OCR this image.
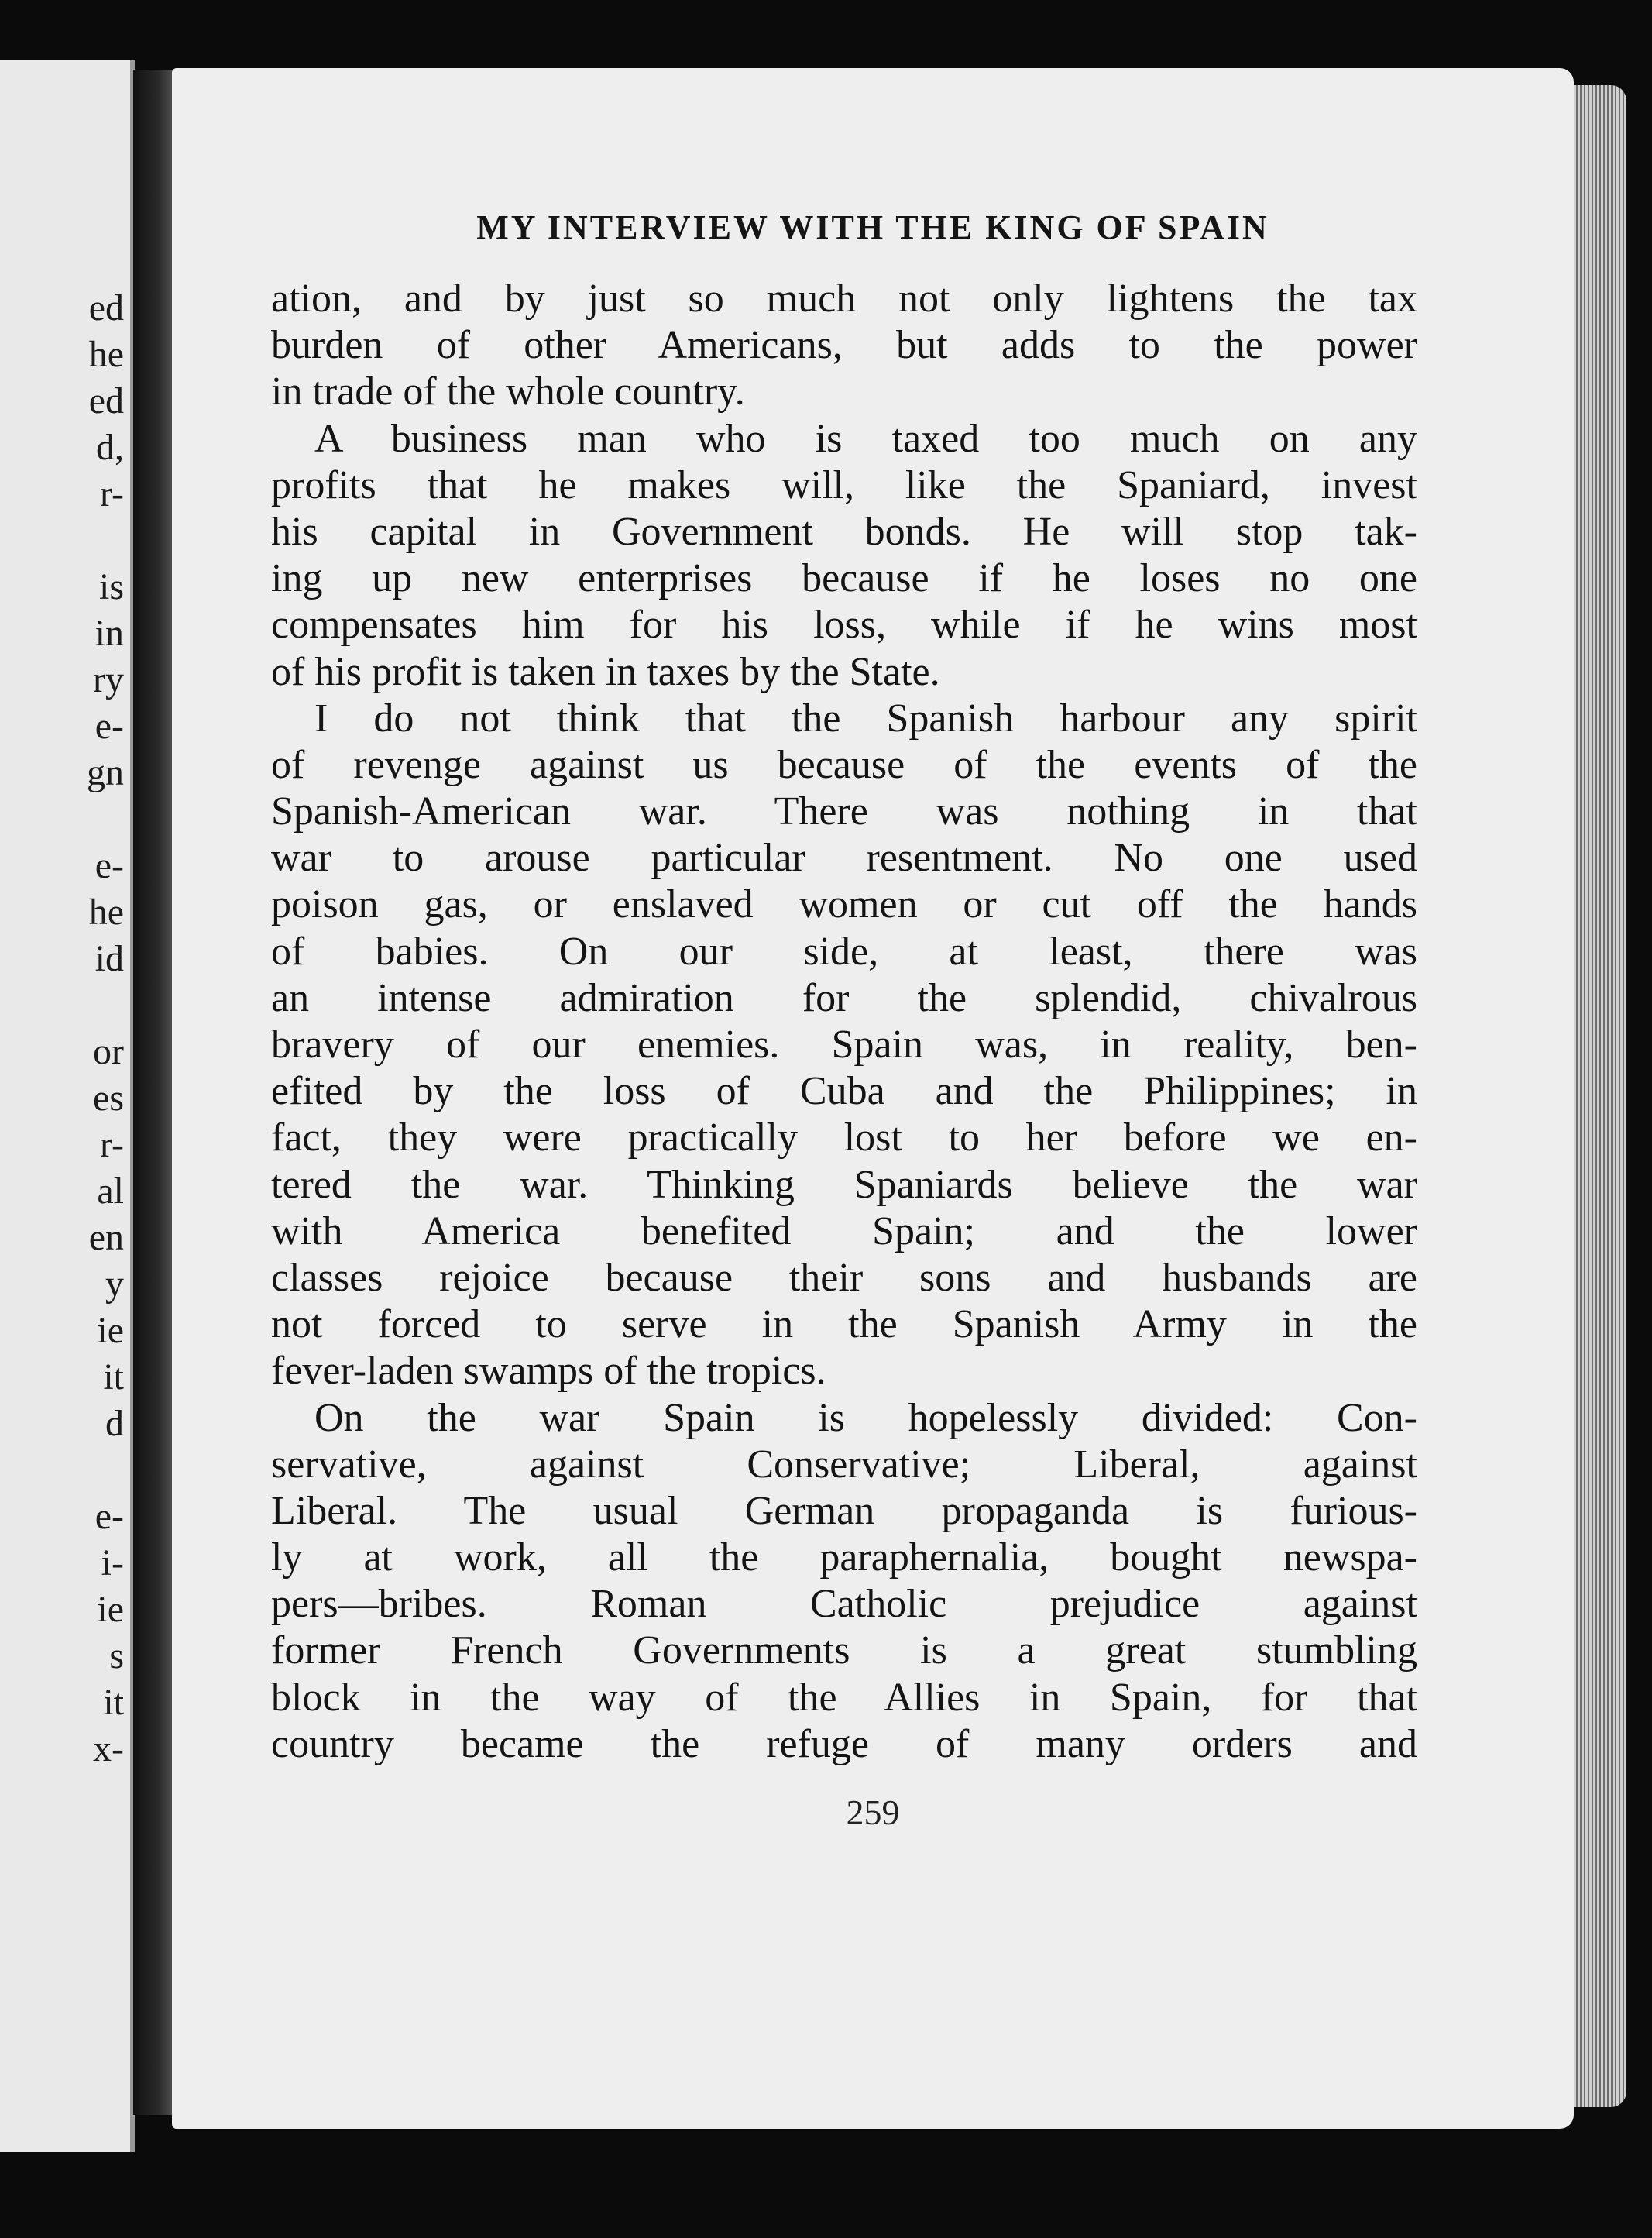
ed
he
ed
d,
r-
is
in
ry
e-
gn
e-
he
id
or
es
r-
al
en
y
ie
it
d
e-
i-
ie
s
it
x-
MY INTERVIEW WITH THE KING OF SPAIN
ation, and by just so much not only lightens the tax
burden of other Americans, but adds to the power
in trade of the whole country.
A business man who is taxed too much on any
profits that he makes will, like the Spaniard, invest
his capital in Government bonds. He will stop tak-
ing up new enterprises because if he loses no one
compensates him for his loss, while if he wins most
of his profit is taken in taxes by the State.
I do not think that the Spanish harbour any spirit
of revenge against us because of the events of the
Spanish-American war. There was nothing in that
war to arouse particular resentment. No one used
poison gas, or enslaved women or cut off the hands
of babies. On our side, at least, there was
an intense admiration for the splendid, chivalrous
bravery of our enemies. Spain was, in reality, ben-
efited by the loss of Cuba and the Philippines; in
fact, they were practically lost to her before we en-
tered the war. Thinking Spaniards believe the war
with America benefited Spain; and the lower
classes rejoice because their sons and husbands are
not forced to serve in the Spanish Army in the
fever-laden swamps of the tropics.
On the war Spain is hopelessly divided: Con-
servative, against Conservative; Liberal, against
Liberal. The usual German propaganda is furious-
ly at work, all the paraphernalia, bought newspa-
pers—bribes. Roman Catholic prejudice against
former French Governments is a great stumbling
block in the way of the Allies in Spain, for that
country became the refuge of many orders and

259
